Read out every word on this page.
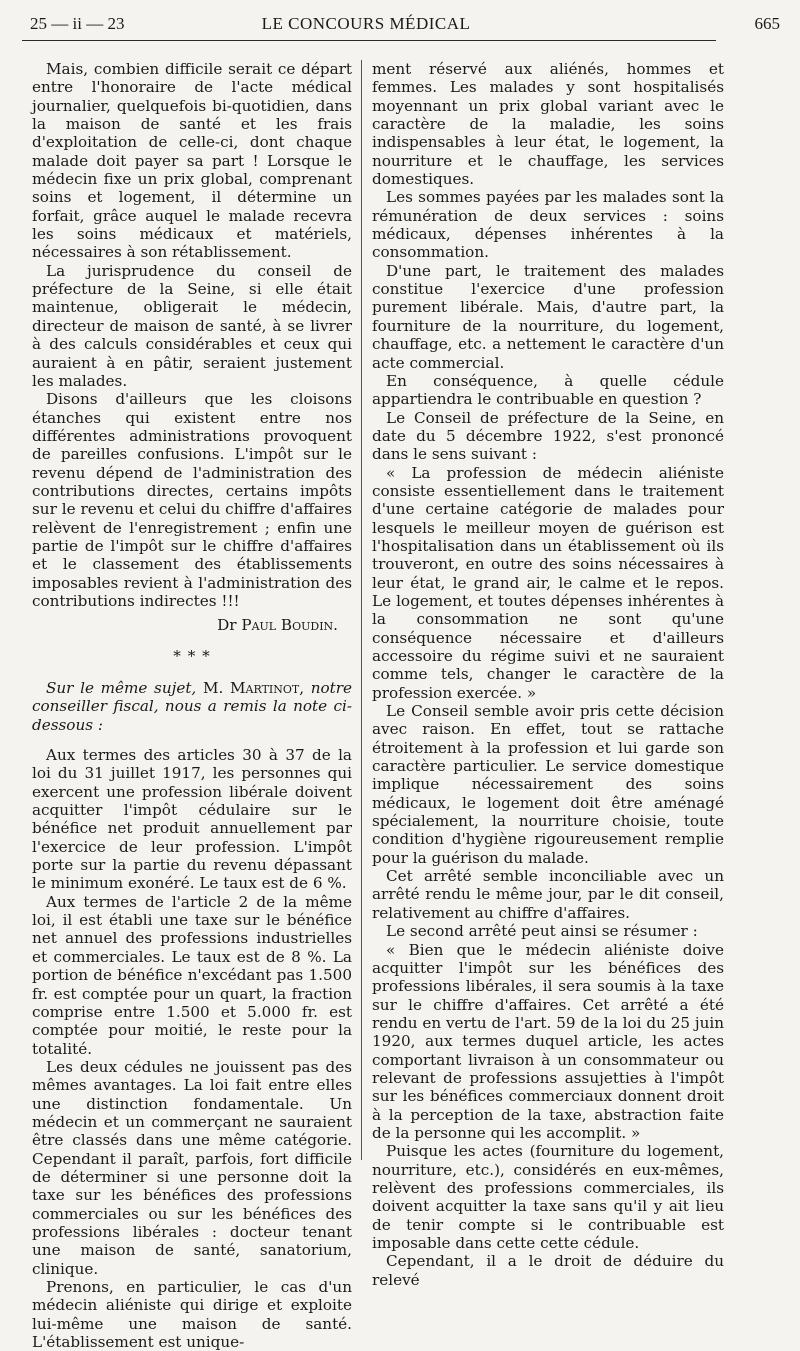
25 — ii — 23	LE CONCOURS MÉDICAL	665

Mais, combien difficile serait ce départ entre l'honoraire de l'acte médical journalier, quelquefois bi-quotidien, dans la maison de santé et les frais d'exploitation de celle-ci, dont chaque malade doit payer sa part ! Lorsque le médecin fixe un prix global, comprenant soins et logement, il détermine un forfait, grâce auquel le malade recevra les soins médicaux et matériels, nécessaires à son rétablissement.

La jurisprudence du conseil de préfecture de la Seine, si elle était maintenue, obligerait le médecin, directeur de maison de santé, à se livrer à des calculs considérables et ceux qui auraient à en pâtir, seraient justement les malades.

Disons d'ailleurs que les cloisons étanches qui existent entre nos différentes administrations provoquent de pareilles confusions. L'impôt sur le revenu dépend de l'administration des contributions directes, certains impôts sur le revenu et celui du chiffre d'affaires relèvent de l'enregistrement ; enfin une partie de l'impôt sur le chiffre d'affaires et le classement des établissements imposables revient à l'administration des contributions indirectes !!!

Dr Paul Boudin.

* * *

Sur le même sujet, M. Martinot, notre conseiller fiscal, nous a remis la note ci-dessous :

Aux termes des articles 30 à 37 de la loi du 31 juillet 1917, les personnes qui exercent une profession libérale doivent acquitter l'impôt cédulaire sur le bénéfice net produit annuellement par l'exercice de leur profession. L'impôt porte sur la partie du revenu dépassant le minimum exonéré. Le taux est de 6 %.

Aux termes de l'article 2 de la même loi, il est établi une taxe sur le bénéfice net annuel des professions industrielles et commerciales. Le taux est de 8 %. La portion de bénéfice n'excédant pas 1.500 fr. est comptée pour un quart, la fraction comprise entre 1.500 et 5.000 fr. est comptée pour moitié, le reste pour la totalité.

Les deux cédules ne jouissent pas des mêmes avantages. La loi fait entre elles une distinction fondamentale. Un médecin et un commerçant ne sauraient être classés dans une même catégorie. Cependant il paraît, parfois, fort difficile de déterminer si une personne doit la taxe sur les bénéfices des professions commerciales ou sur les bénéfices des professions libérales : docteur tenant une maison de santé, sanatorium, clinique.

Prenons, en particulier, le cas d'un médecin aliéniste qui dirige et exploite lui-même une maison de santé. L'établissement est unique-

ment réservé aux aliénés, hommes et femmes. Les malades y sont hospitalisés moyennant un prix global variant avec le caractère de la maladie, les soins indispensables à leur état, le logement, la nourriture et le chauffage, les services domestiques.

Les sommes payées par les malades sont la rémunération de deux services : soins médicaux, dépenses inhérentes à la consommation.

D'une part, le traitement des malades constitue l'exercice d'une profession purement libérale. Mais, d'autre part, la fourniture de la nourriture, du logement, chauffage, etc. a nettement le caractère d'un acte commercial.

En conséquence, à quelle cédule appartiendra le contribuable en question ?

Le Conseil de préfecture de la Seine, en date du 5 décembre 1922, s'est prononcé dans le sens suivant :

« La profession de médecin aliéniste consiste essentiellement dans le traitement d'une certaine catégorie de malades pour lesquels le meilleur moyen de guérison est l'hospitalisation dans un établissement où ils trouveront, en outre des soins nécessaires à leur état, le grand air, le calme et le repos. Le logement, et toutes dépenses inhérentes à la consommation ne sont qu'une conséquence nécessaire et d'ailleurs accessoire du régime suivi et ne sauraient comme tels, changer le caractère de la profession exercée. »

Le Conseil semble avoir pris cette décision avec raison. En effet, tout se rattache étroitement à la profession et lui garde son caractère particulier. Le service domestique implique nécessairement des soins médicaux, le logement doit être aménagé spécialement, la nourriture choisie, toute condition d'hygiène rigoureusement remplie pour la guérison du malade.

Cet arrêté semble inconciliable avec un arrêté rendu le même jour, par le dit conseil, relativement au chiffre d'affaires.

Le second arrêté peut ainsi se résumer :

« Bien que le médecin aliéniste doive acquitter l'impôt sur les bénéfices des professions libérales, il sera soumis à la taxe sur le chiffre d'affaires. Cet arrêté a été rendu en vertu de l'art. 59 de la loi du 25 juin 1920, aux termes duquel article, les actes comportant livraison à un consommateur ou relevant de professions assujetties à l'impôt sur les bénéfices commerciaux donnent droit à la perception de la taxe, abstraction faite de la personne qui les accomplit. »

Puisque les actes (fourniture du logement, nourriture, etc.), considérés en eux-mêmes, relèvent des professions commerciales, ils doivent acquitter la taxe sans qu'il y ait lieu de tenir compte si le contribuable est imposable dans cette cette cédule.

Cependant, il a le droit de déduire du relevé
